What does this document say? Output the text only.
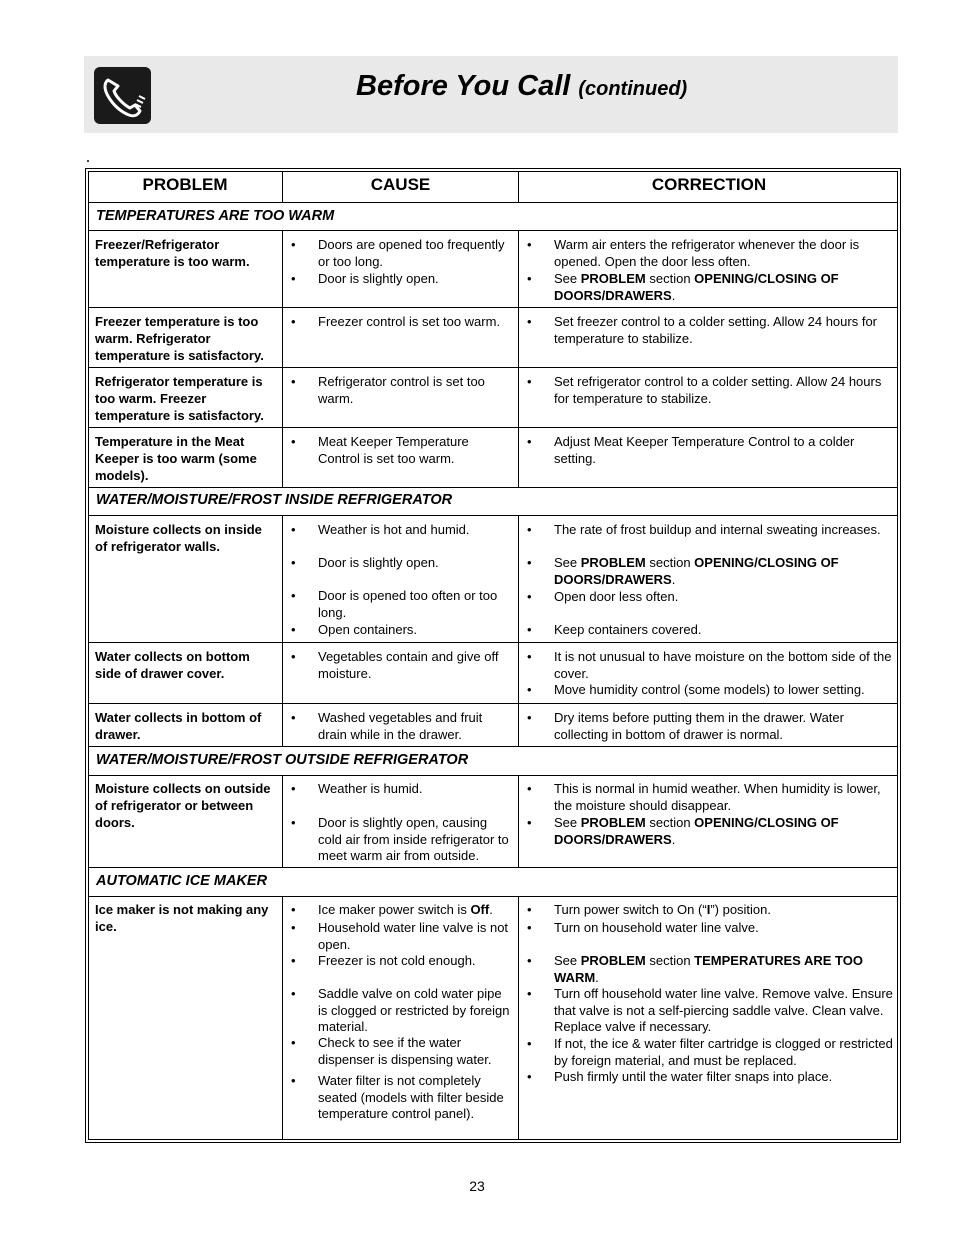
Before You Call (continued)
PROBLEM	CAUSE	CORRECTION
TEMPERATURES ARE TOO WARM
WATER/MOISTURE/FROST INSIDE REFRIGERATOR
WATER/MOISTURE/FROST OUTSIDE REFRIGERATOR
AUTOMATIC ICE MAKER
Freezer/Refrigerator temperature is too warm.
• Doors are opened too frequently or too long.
• Door is slightly open.
• Warm air enters the refrigerator whenever the door is opened. Open the door less often.
• See PROBLEM section OPENING/CLOSING OF DOORS/DRAWERS.
Freezer temperature is too warm. Refrigerator temperature is satisfactory.
• Freezer control is set too warm.
•	Set freezer control to a colder setting. Allow 24 hours for temperature to stabilize.
Refrigerator temperature is too warm. Freezer temperature is satisfactory.
• Refrigerator control is set too warm.
• Set refrigerator control to a colder setting. Allow 24 hours for temperature to stabilize.
Temperature in the Meat Keeper is too warm (some models).
• Meat Keeper Temperature Control is set too warm.
• Adjust Meat Keeper Temperature Control to a colder setting.
Moisture collects on inside of refrigerator walls.
• Weather is hot and humid.
• Door is slightly open.
• Door is opened too often or too long.
• Open containers.
• The rate of frost buildup and internal sweating increases.
• See PROBLEM section OPENING/CLOSING OF DOORS/DRAWERS.
• Open door less often.
• Keep containers covered.
Water collects on bottom side of drawer cover.
• Vegetables contain and give off moisture.
• It is not unusual to have moisture on the bottom side of the cover.
• Move humidity control (some models) to lower setting.
Water collects in bottom of drawer.
• Washed vegetables and fruit drain while in the drawer.
• Dry items before putting them in the drawer. Water collecting in bottom of drawer is normal.
Moisture collects on outside of refrigerator or between doors.
• Weather is humid.
• Door is slightly open, causing cold air from inside refrigerator to meet warm air from outside.
• This is normal in humid weather. When humidity is lower, the moisture should disappear.
• See PROBLEM section OPENING/CLOSING OF DOORS/DRAWERS.
Ice maker is not making any ice.
• Ice maker power switch is Off.
• Household water line valve is not open.
• Freezer is not cold enough.
• Saddle valve on cold water pipe is clogged or restricted by foreign material.
• Check to see if the water dispenser is dispensing water.
• Water filter is not completely seated (models with filter beside temperature control panel).
• Turn power switch to On (“I”) position.
• Turn on household water line valve.
• See PROBLEM section TEMPERATURES ARE TOO WARM.
• Turn off household water line valve. Remove valve. Ensure that valve is not a self-piercing saddle valve. Clean valve. Replace valve if necessary.
• If not, the ice & water filter cartridge is clogged or restricted by foreign material, and must be replaced.
• Push firmly until the water filter snaps into place.
23
